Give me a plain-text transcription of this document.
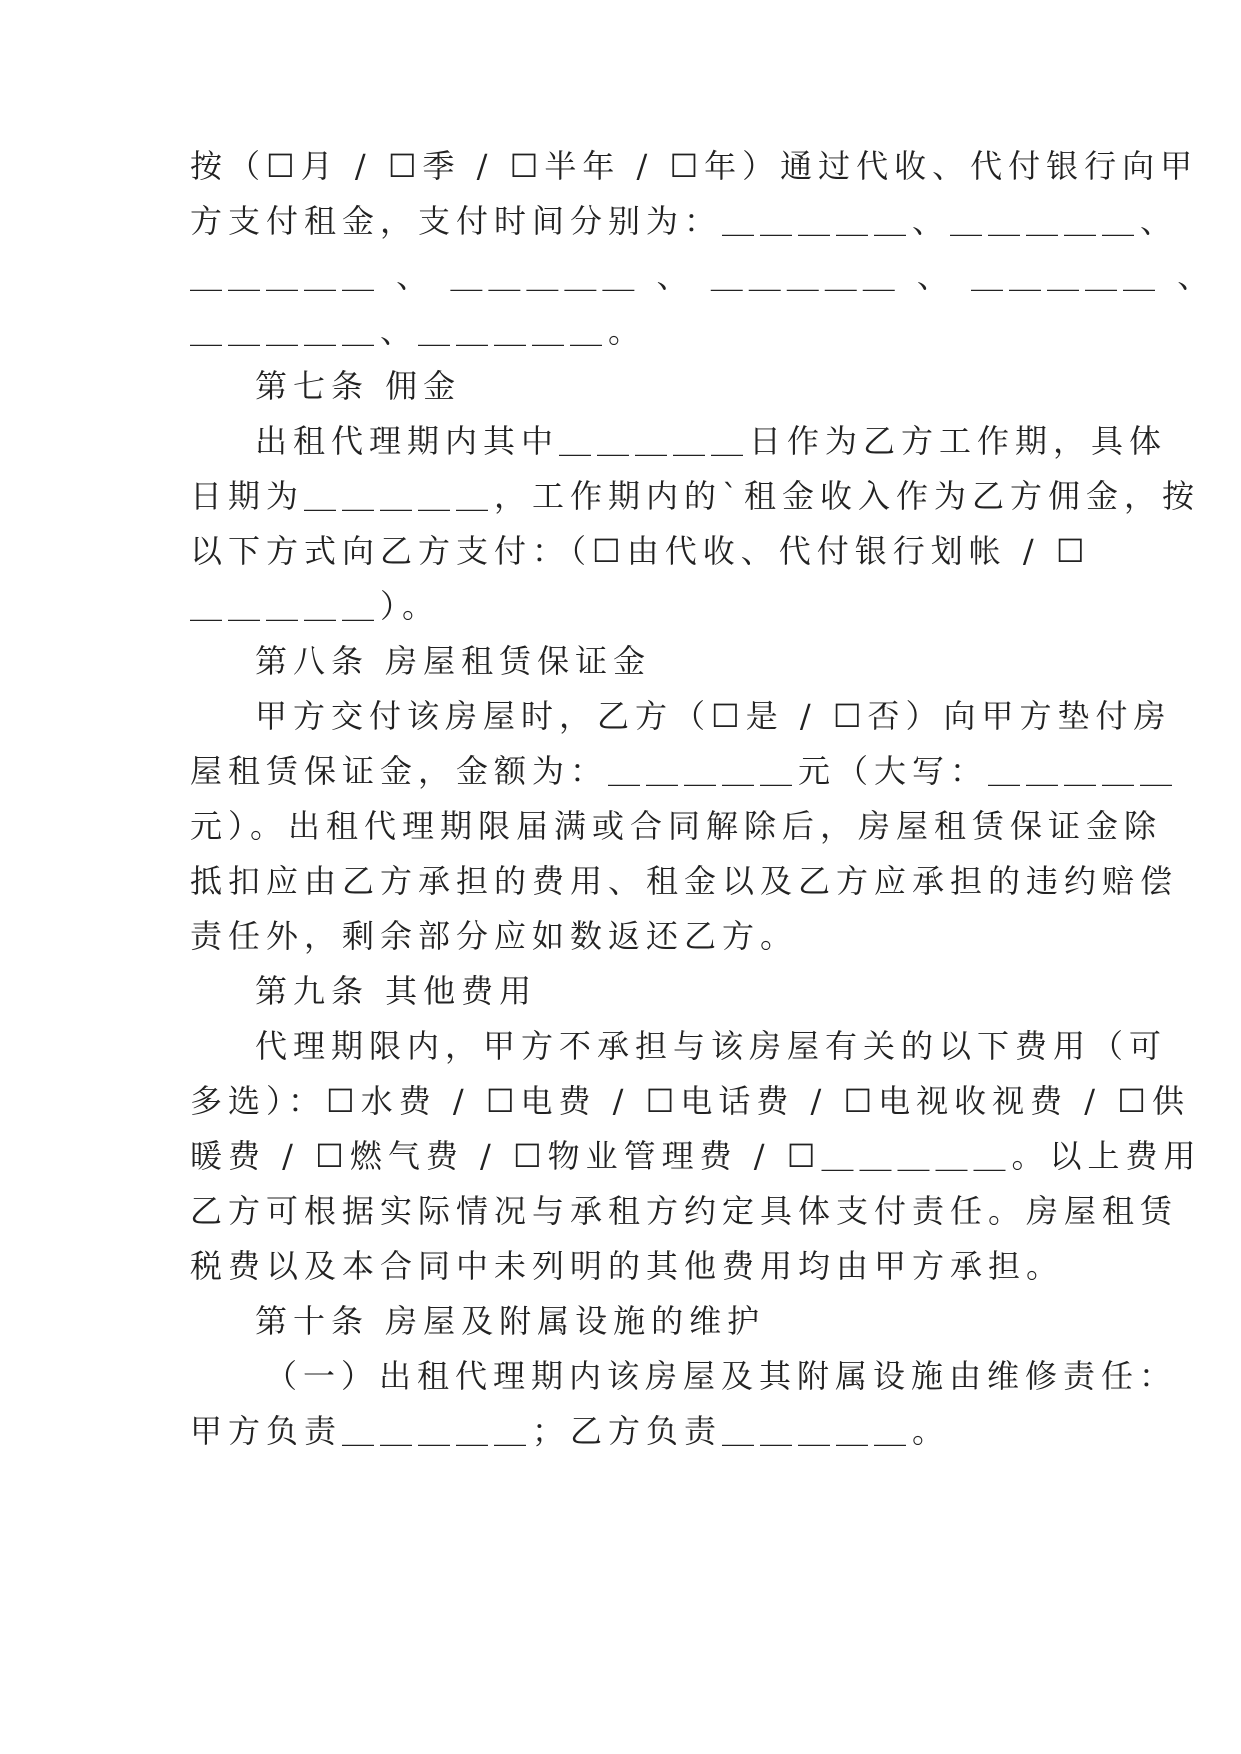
按（☐月 / ☐季 / ☐半年 / ☐年）通过代收、代付银行向甲
方支付租金，支付时间分别为：＿＿＿＿＿、＿＿＿＿＿、
＿＿＿＿＿ 、 ＿＿＿＿＿ 、 ＿＿＿＿＿ 、 ＿＿＿＿＿ 、
＿＿＿＿＿、＿＿＿＿＿。
第七条 佣金
出租代理期内其中＿＿＿＿＿日作为乙方工作期，具体
日期为＿＿＿＿＿，工作期内的`租金收入作为乙方佣金，按
以下方式向乙方支付：（☐由代收、代付银行划帐 / ☐
＿＿＿＿＿）。
第八条 房屋租赁保证金
甲方交付该房屋时，乙方（☐是 / ☐否）向甲方垫付房
屋租赁保证金，金额为：＿＿＿＿＿元（大写：＿＿＿＿＿
元）。出租代理期限届满或合同解除后，房屋租赁保证金除
抵扣应由乙方承担的费用、租金以及乙方应承担的违约赔偿
责任外，剩余部分应如数返还乙方。
第九条 其他费用
代理期限内，甲方不承担与该房屋有关的以下费用（可
多选）：☐水费 / ☐电费 / ☐电话费 / ☐电视收视费 / ☐供
暖费 / ☐燃气费 / ☐物业管理费 / ☐＿＿＿＿＿。以上费用
乙方可根据实际情况与承租方约定具体支付责任。房屋租赁
税费以及本合同中未列明的其他费用均由甲方承担。
第十条 房屋及附属设施的维护
（一）出租代理期内该房屋及其附属设施由维修责任：
甲方负责＿＿＿＿＿；乙方负责＿＿＿＿＿。
